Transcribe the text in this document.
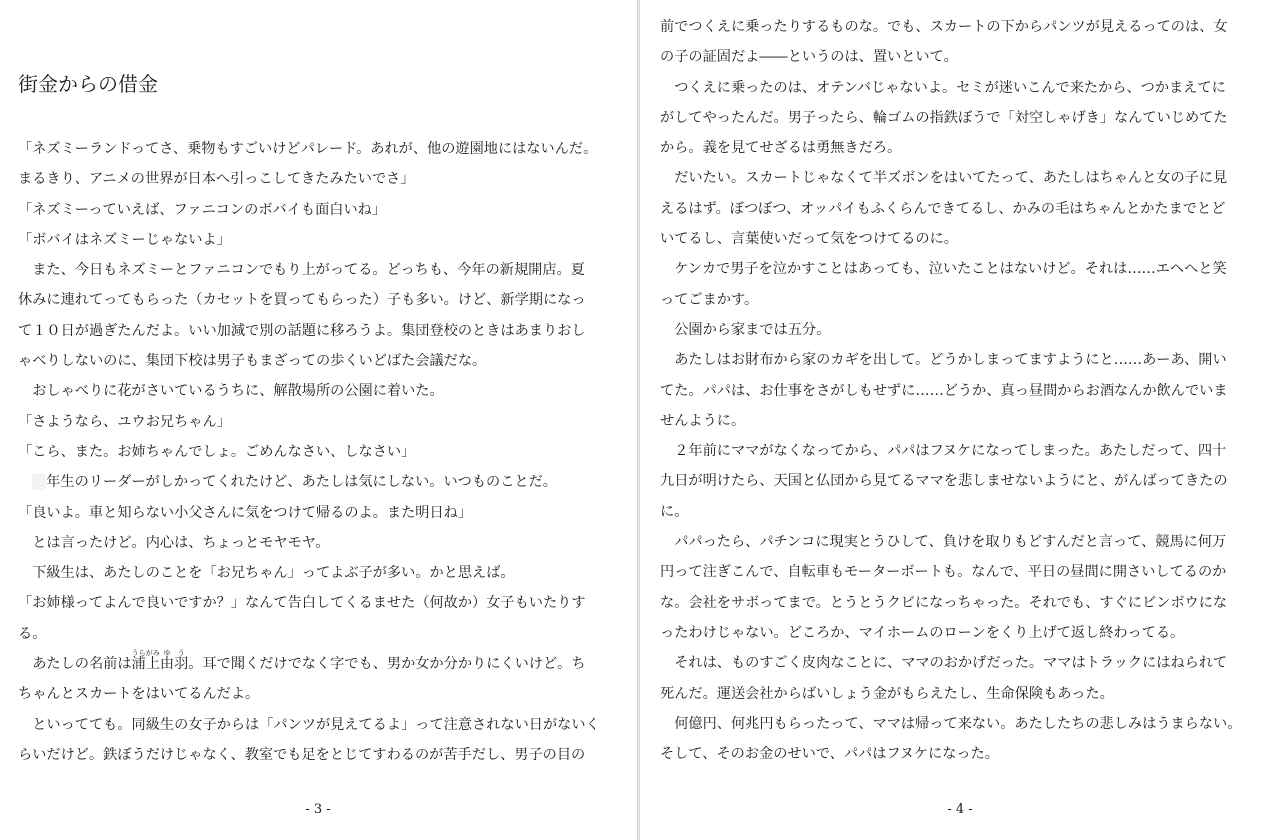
街金からの借金
「ネズミーランドってさ、乗物もすごいけどパレード。あれが、他の遊園地にはないんだ。
まるきり、アニメの世界が日本へ引っこしてきたみたいでさ」
「ネズミーっていえば、ファニコンのボバイも面白いね」
「ボバイはネズミーじゃないよ」
　また、今日もネズミーとファニコンでもり上がってる。どっちも、今年の新規開店。夏
休みに連れてってもらった（カセットを買ってもらった）子も多い。けど、新学期になっ
て１０日が過ぎたんだよ。いい加減で別の話題に移ろうよ。集団登校のときはあまりおし
ゃべりしないのに、集団下校は男子もまざっての歩くいどばた会議だな。
　おしゃべりに花がさいているうちに、解散場所の公園に着いた。
「さようなら、ユウお兄ちゃん」
「こら、また。お姉ちゃんでしょ。ごめんなさい、しなさい」
　年生のリーダーがしかってくれたけど、あたしは気にしない。いつものことだ。
「良いよ。車と知らない小父さんに気をつけて帰るのよ。また明日ね」
　とは言ったけど。内心は、ちょっとモヤモヤ。
　下級生は、あたしのことを「お兄ちゃん」ってよぶ子が多い。かと思えば。
「お姉様ってよんで良いですか？」なんて告白してくるませた（何故か）女子もいたりす
る。
　あたしの名前は浦上うらがみ由羽ゆう。耳で聞くだけでなく字でも、男か女か分かりにくいけど。ち
ちゃんとスカートをはいてるんだよ。
　といってても。同級生の女子からは「パンツが見えてるよ」って注意されない日がないく
らいだけど。鉄ぼうだけじゃなく、教室でも足をとじてすわるのが苦手だし、男子の目の
- 3 -
前でつくえに乗ったりするものな。でも、スカートの下からパンツが見えるってのは、女
の子の証固だよ――というのは、置いといて。
　つくえに乗ったのは、オテンバじゃないよ。セミが迷いこんで来たから、つかまえてに
がしてやったんだ。男子ったら、輪ゴムの指鉄ぼうで「対空しゃげき」なんていじめてた
から。義を見てせざるは勇無きだろ。
　だいたい。スカートじゃなくて半ズボンをはいてたって、あたしはちゃんと女の子に見
えるはず。ぼつぼつ、オッパイもふくらんできてるし、かみの毛はちゃんとかたまでとど
いてるし、言葉使いだって気をつけてるのに。
　ケンカで男子を泣かすことはあっても、泣いたことはないけど。それは……エヘへと笑
ってごまかす。
　公園から家までは五分。
　あたしはお財布から家のカギを出して。どうかしまってますようにと……あーあ、開い
てた。パパは、お仕事をさがしもせずに……どうか、真っ昼間からお酒なんか飲んでいま
せんように。
　２年前にママがなくなってから、パパはフヌケになってしまった。あたしだって、四十
九日が明けたら、天国と仏団から見てるママを悲しませないようにと、がんばってきたの
に。
　パパったら、パチンコに現実とうひして、負けを取りもどすんだと言って、競馬に何万
円って注ぎこんで、自転車もモーターボートも。なんで、平日の昼間に開さいしてるのか
な。会社をサボってまで。とうとうクビになっちゃった。それでも、すぐにビンボウにな
ったわけじゃない。どころか、マイホームのローンをくり上げて返し終わってる。
　それは、ものすごく皮肉なことに、ママのおかげだった。ママはトラックにはねられて
死んだ。運送会社からばいしょう金がもらえたし、生命保険もあった。
　何億円、何兆円もらったって、ママは帰って来ない。あたしたちの悲しみはうまらない。
そして、そのお金のせいで、パパはフヌケになった。
- 4 -
